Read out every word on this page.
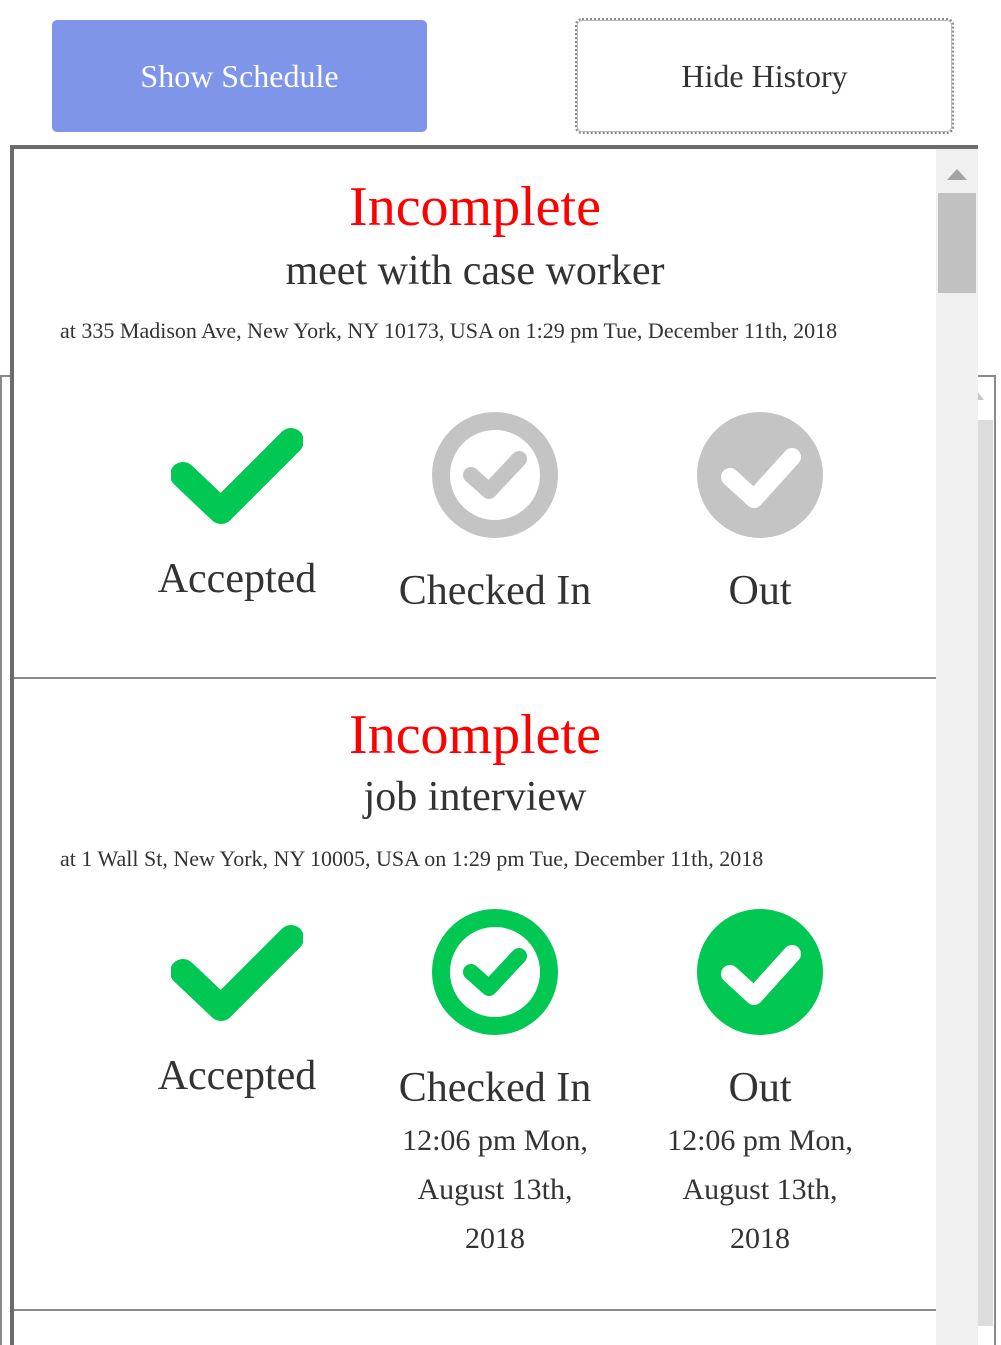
Show Schedule	Hide History
Incomplete
meet with case worker
at 335 Madison Ave, New York, NY 10173, USA on 1:29 pm Tue, December 11th, 2018
Accepted	Checked In	Out
Incomplete
job interview
at 1 Wall St, New York, NY 10005, USA on 1:29 pm Tue, December 11th, 2018
Accepted	Checked In
12:06 pm Mon, August 13th, 2018
Out
12:06 pm Mon, August 13th, 2018
